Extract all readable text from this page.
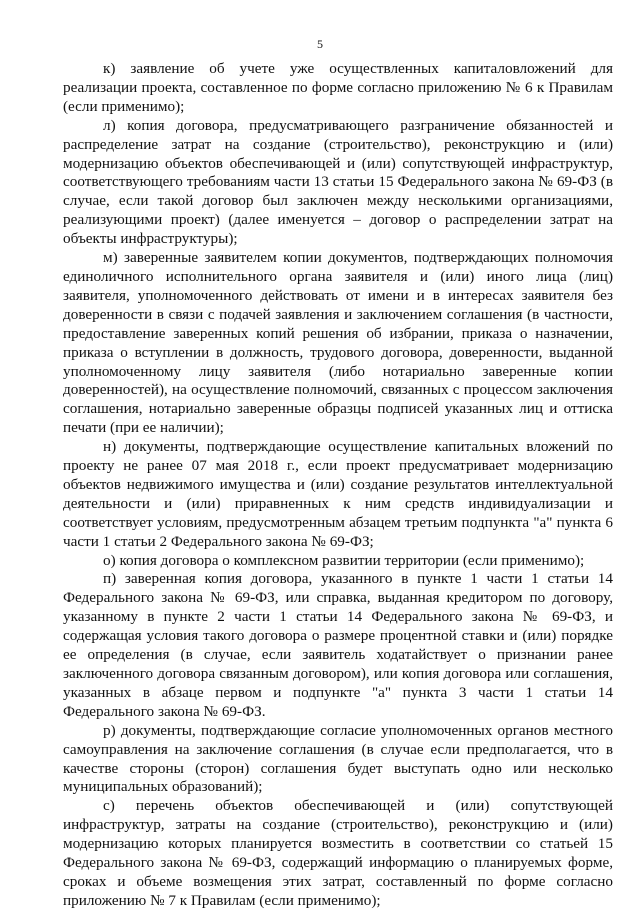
5

к) заявление об учете уже осуществленных капиталовложений для реализации проекта, составленное по форме согласно приложению № 6 к Правилам (если применимо);

л) копия договора, предусматривающего разграничение обязанностей и распределение затрат на создание (строительство), реконструкцию и (или) модернизацию объектов обеспечивающей и (или) сопутствующей инфраструктур, соответствующего требованиям части 13 статьи 15 Федерального закона № 69-ФЗ (в случае, если такой договор был заключен между несколькими организациями, реализующими проект) (далее именуется – договор о распределении затрат на объекты инфраструктуры);

м) заверенные заявителем копии документов, подтверждающих полномочия единоличного исполнительного органа заявителя и (или) иного лица (лиц) заявителя, уполномоченного действовать от имени и в интересах заявителя без доверенности в связи с подачей заявления и заключением соглашения (в частности, предоставление заверенных копий решения об избрании, приказа о назначении, приказа о вступлении в должность, трудового договора, доверенности, выданной уполномоченному лицу заявителя (либо нотариально заверенные копии доверенностей), на осуществление полномочий, связанных с процессом заключения соглашения, нотариально заверенные образцы подписей указанных лиц и оттиска печати (при ее наличии);

н) документы, подтверждающие осуществление капитальных вложений по проекту не ранее 07 мая 2018 г., если проект предусматривает модернизацию объектов недвижимого имущества и (или) создание результатов интеллектуальной деятельности и (или) приравненных к ним средств индивидуализации и соответствует условиям, предусмотренным абзацем третьим подпункта "а" пункта 6 части 1 статьи 2 Федерального закона № 69-ФЗ;

о) копия договора о комплексном развитии территории (если применимо);

п) заверенная копия договора, указанного в пункте 1 части 1 статьи 14 Федерального закона № 69-ФЗ, или справка, выданная кредитором по договору, указанному в пункте 2 части 1 статьи 14 Федерального закона № 69-ФЗ, и содержащая условия такого договора о размере процентной ставки и (или) порядке ее определения (в случае, если заявитель ходатайствует о признании ранее заключенного договора связанным договором), или копия договора или соглашения, указанных в абзаце первом и подпункте "а" пункта 3 части 1 статьи 14 Федерального закона № 69-ФЗ.

р) документы, подтверждающие согласие уполномоченных органов местного самоуправления на заключение соглашения (в случае если предполагается, что в качестве стороны (сторон) соглашения будет выступать одно или несколько муниципальных образований);

с) перечень объектов обеспечивающей и (или) сопутствующей инфраструктур, затраты на создание (строительство), реконструкцию и (или) модернизацию которых планируется возместить в соответствии со статьей 15 Федерального закона № 69-ФЗ, содержащий информацию о планируемых форме, сроках и объеме возмещения этих затрат, составленный по форме согласно приложению № 7 к Правилам (если применимо);
